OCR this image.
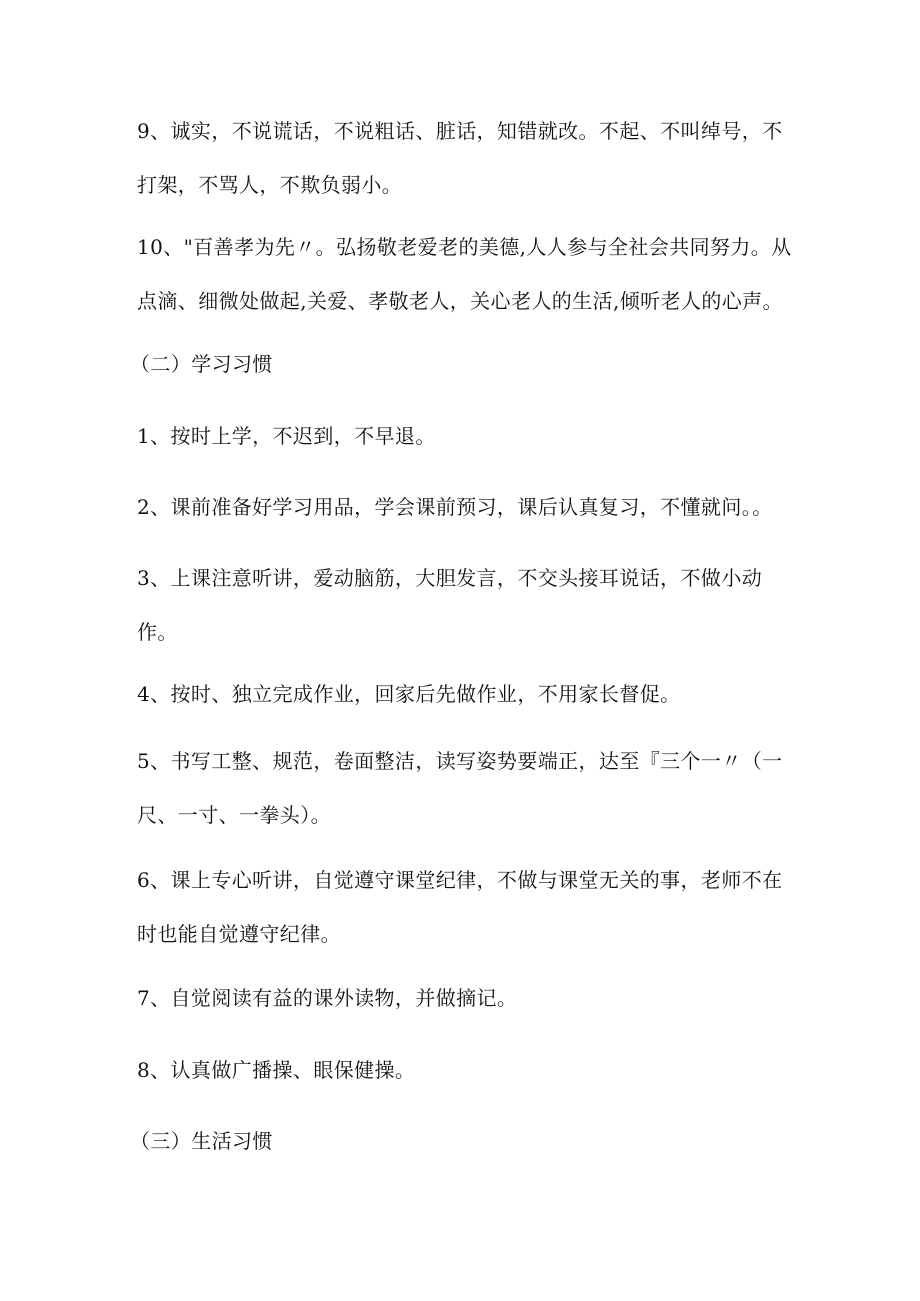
9、诚实，不说谎话，不说粗话、脏话，知错就改。不起、不叫绰号，不
打架，不骂人，不欺负弱小。
10、"百善孝为先〃。弘扬敬老爱老的美德,人人参与全社会共同努力。从
点滴、细微处做起,关爱、孝敬老人，关心老人的生活,倾听老人的心声。
（二）学习习惯
1、按时上学，不迟到，不早退。
2、课前准备好学习用品，学会课前预习，课后认真复习，不懂就问。。
3、上课注意听讲，爱动脑筋，大胆发言，不交头接耳说话，不做小动
作。
4、按时、独立完成作业，回家后先做作业，不用家长督促。
5、书写工整、规范，卷面整洁，读写姿势要端正，达至『三个一〃（一
尺、一寸、一拳头）。
6、课上专心听讲，自觉遵守课堂纪律，不做与课堂无关的事，老师不在
时也能自觉遵守纪律。
7、自觉阅读有益的课外读物，并做摘记。
8、认真做广播操、眼保健操。
（三）生活习惯
